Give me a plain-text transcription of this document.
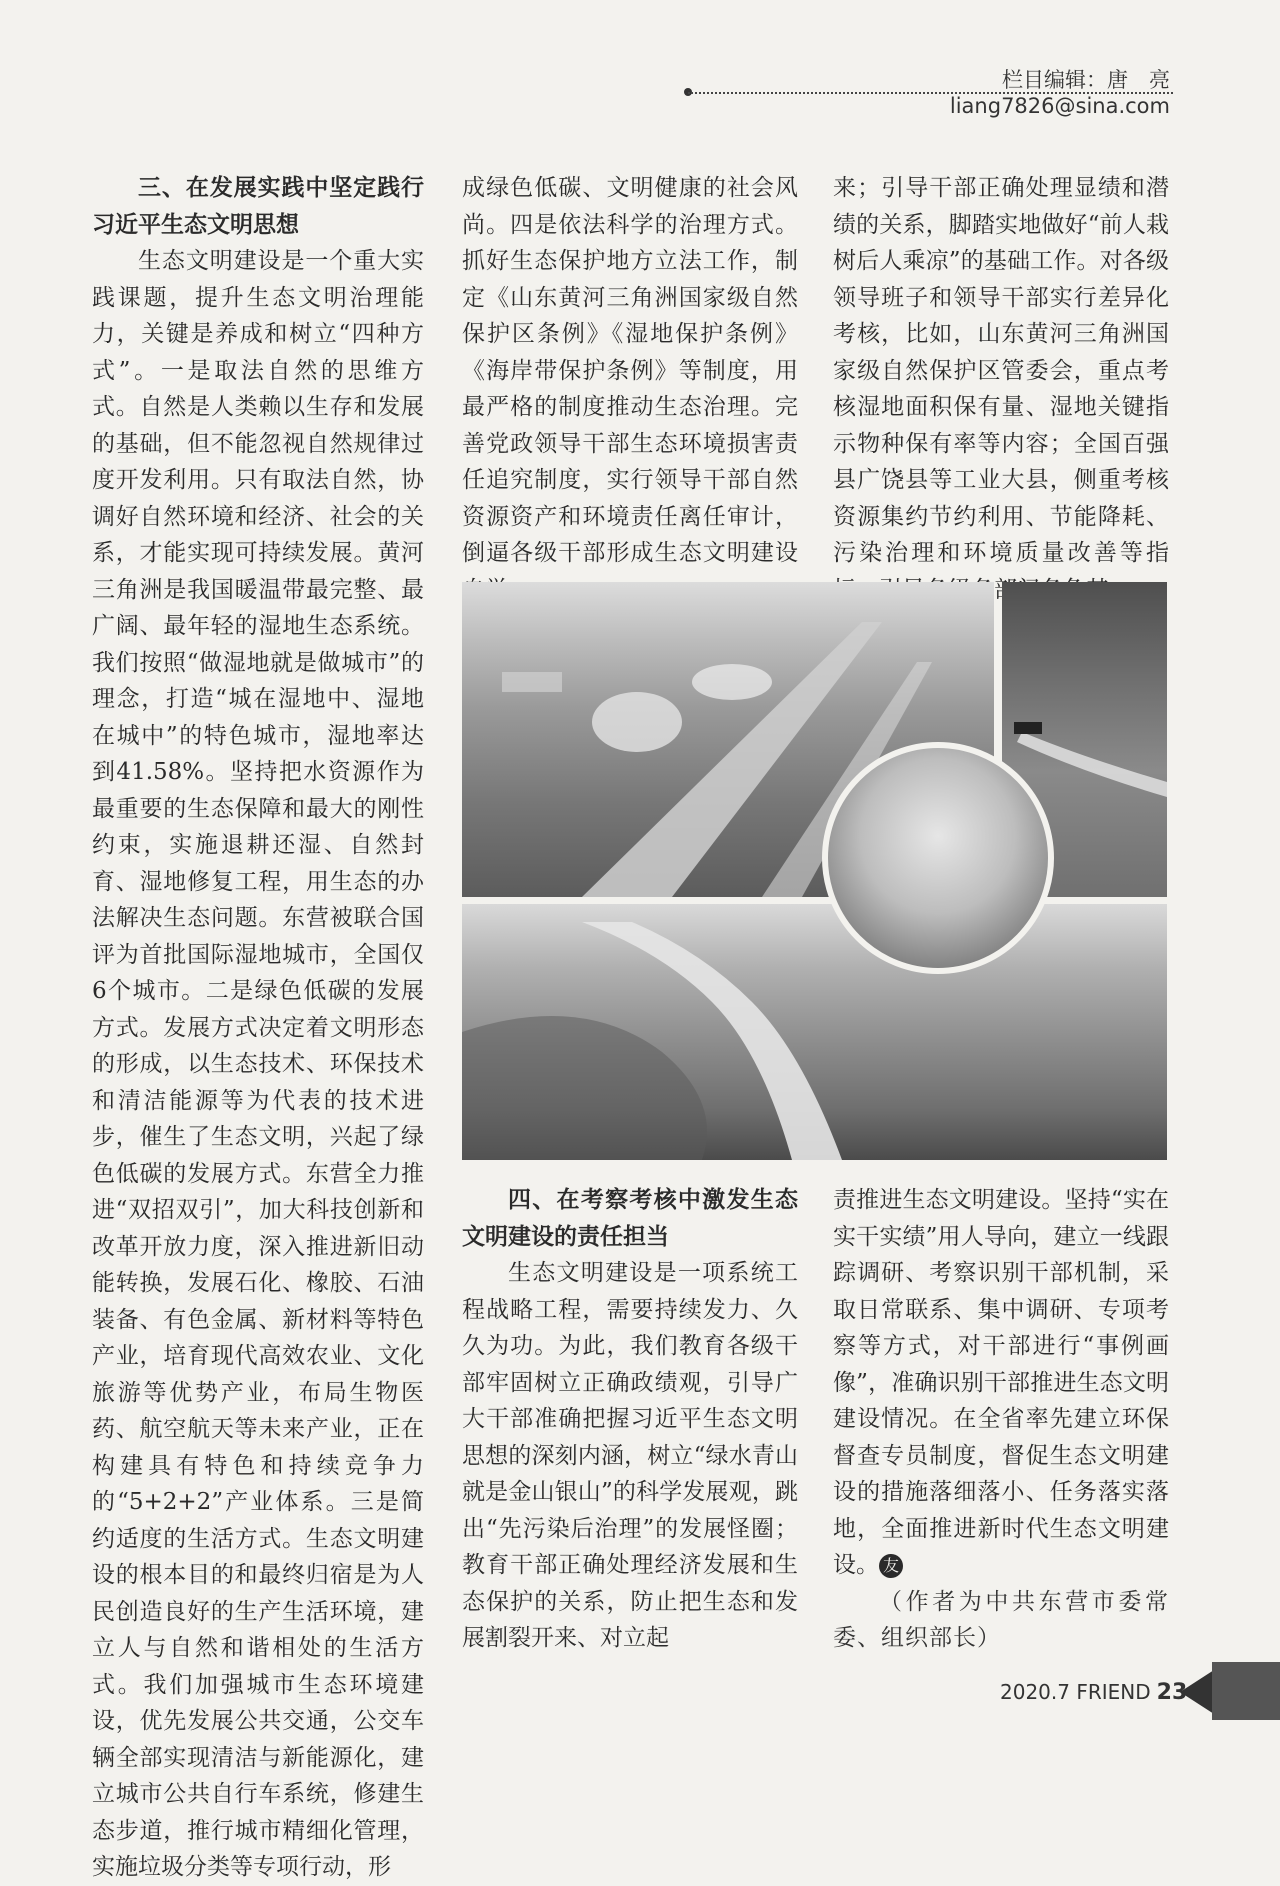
栏目编辑：唐　亮 liang7826@sina.com

三、在发展实践中坚定践行习近平生态文明思想

生态文明建设是一个重大实践课题，提升生态文明治理能力，关键是养成和树立“四种方式”。一是取法自然的思维方式。自然是人类赖以生存和发展的基础，但不能忽视自然规律过度开发利用。只有取法自然，协调好自然环境和经济、社会的关系，才能实现可持续发展。黄河三角洲是我国暖温带最完整、最广阔、最年轻的湿地生态系统。我们按照“做湿地就是做城市”的理念，打造“城在湿地中、湿地在城中”的特色城市，湿地率达到41.58%。坚持把水资源作为最重要的生态保障和最大的刚性约束，实施退耕还湿、自然封育、湿地修复工程，用生态的办法解决生态问题。东营被联合国评为首批国际湿地城市，全国仅6个城市。二是绿色低碳的发展方式。发展方式决定着文明形态的形成，以生态技术、环保技术和清洁能源等为代表的技术进步，催生了生态文明，兴起了绿色低碳的发展方式。东营全力推进“双招双引”，加大科技创新和改革开放力度，深入推进新旧动能转换，发展石化、橡胶、石油装备、有色金属、新材料等特色产业，培育现代高效农业、文化旅游等优势产业，布局生物医药、航空航天等未来产业，正在构建具有特色和持续竞争力的“5+2+2”产业体系。三是简约适度的生活方式。生态文明建设的根本目的和最终归宿是为人民创造良好的生产生活环境，建立人与自然和谐相处的生活方式。我们加强城市生态环境建设，优先发展公共交通，公交车辆全部实现清洁与新能源化，建立城市公共自行车系统，修建生态步道，推行城市精细化管理，实施垃圾分类等专项行动，形

成绿色低碳、文明健康的社会风尚。四是依法科学的治理方式。抓好生态保护地方立法工作，制定《山东黄河三角洲国家级自然保护区条例》《湿地保护条例》《海岸带保护条例》等制度，用最严格的制度推动生态治理。完善党政领导干部生态环境损害责任追究制度，实行领导干部自然资源资产和环境责任离任审计，倒逼各级干部形成生态文明建设

来；引导干部正确处理显绩和潜绩的关系，脚踏实地做好“前人栽树后人乘凉”的基础工作。对各级领导班子和领导干部实行差异化考核，比如，山东黄河三角洲国家级自然保护区管委会，重点考核湿地面积保有量、湿地关键指示物种保有率等内容；全国百强县广饶县等工业大县，侧重考核资源集约节约利用、节能降耗、污染治理和环境质量改善等指

四、在考察考核中激发生态文明建设的责任担当

生态文明建设是一项系统工程战略工程，需要持续发力、久久为功。为此，我们教育各级干部牢固树立正确政绩观，引导广大干部准确把握习近平生态文明思想的深刻内涵，树立“绿水青山就是金山银山”的科学发展观，跳出“先污染后治理”的发展怪圈；教育干部正确处理经济发展和生态保护的关系，防止把生态和发展割裂开来、对立起

责推进生态文明建设。坚持“实在实干实绩”用人导向，建立一线跟踪调研、考察识别干部机制，采取日常联系、集中调研、专项考察等方式，对干部进行“事例画像”，准确识别干部推进生态文明建设情况。在全省率先建立环保督查专员制度，督促生态文明建设的措施落细落小、任务落实落地，全面推进新时代生态文明建设。 友

（作者为中共东营市委常委、组织部长）

2020.7 FRIEND 23
